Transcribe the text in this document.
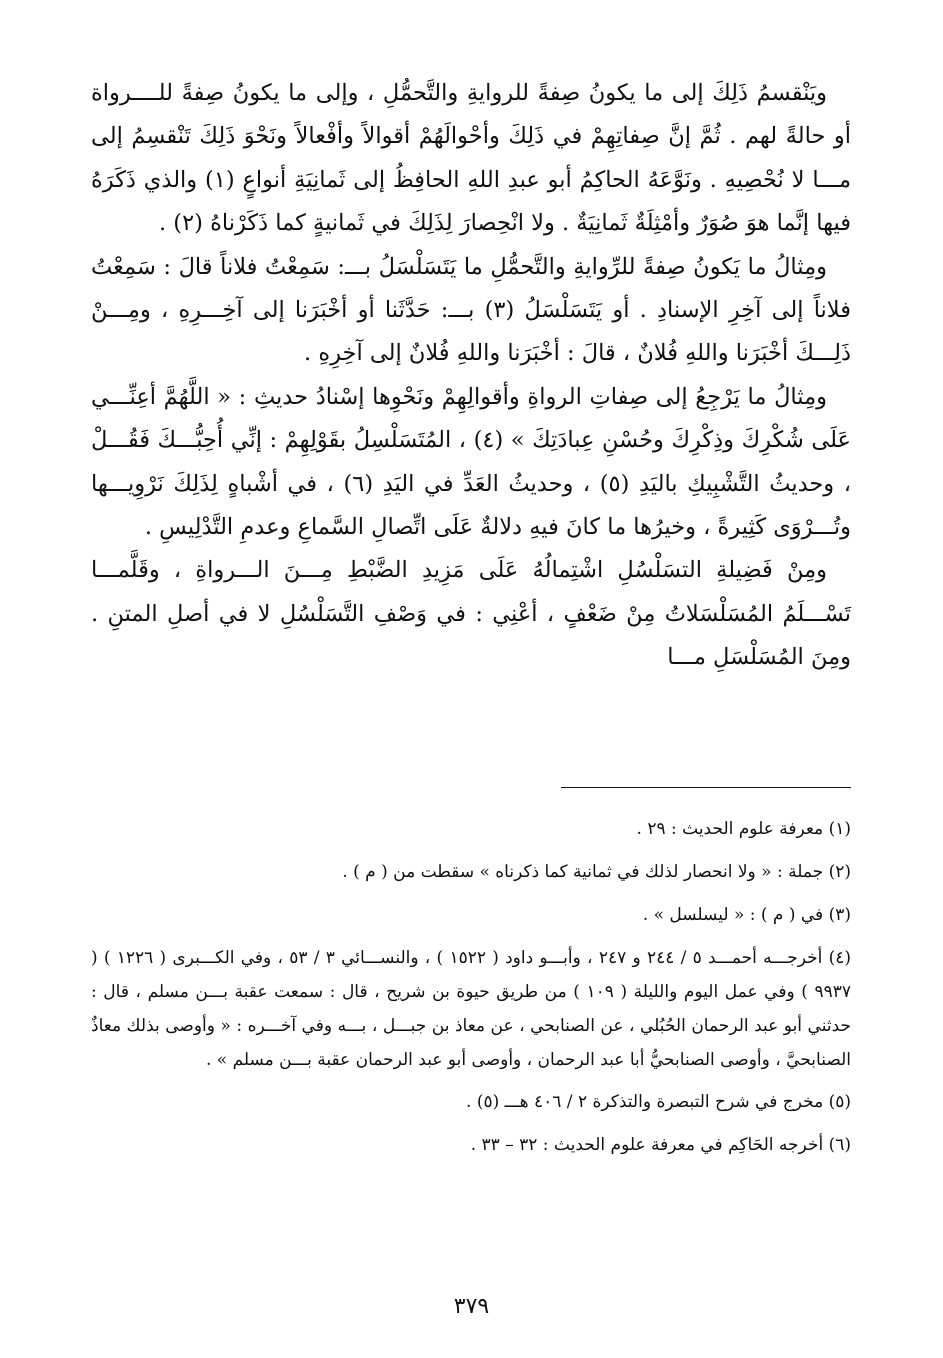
ويَنْقسمُ ذَلِكَ إلى ما يكونُ صِفةً للروايةِ والتَّحمُّلِ ، وإلى ما يكونُ صِفةً للــــرواة أو حالةً لهم . ثُمَّ إنَّ صِفاتِهِمْ في ذَلِكَ وأحْوالَهُمْ أقوالاً وأفْعالاً ونَحْوَ ذَلِكَ تَنْقسِمُ إلى مـــا لا نُحْصِيهِ . ونَوَّعَهُ الحاكِمُ أبو عبدِ اللهِ الحافِظُ إلى ثَمانِيَةِ أنواعٍ (١) والذي ذَكَرَهُ فيها إنَّما هوَ صُوَرٌ وأمْثِلَةٌ ثَمانِيَةٌ . ولا انْحِصارَ لِذَلِكَ في ثَمانيةٍ كما ذَكَرْناهُ (٢) .

ومِثالُ ما يَكونُ صِفةً للرِّوايةِ والتَّحمُّلِ ما يَتَسَلْسَلُ بـــ: سَمِعْتُ فلاناً قالَ : سَمِعْتُ فلاناً إلى آخِرِ الإسنادِ . أو يَتَسَلْسَلُ (٣) بـــ: حَدَّثَنا أو أخْبَرَنا إلى آخِـــرِهِ ، ومِـــنْ ذَلِـــكَ أخْبَرَنا واللهِ فُلانٌ ، قالَ : أخْبَرَنا واللهِ فُلانٌ إلى آخِرِهِ .

ومِثالُ ما يَرْجِعُ إلى صِفاتِ الرواةِ وأقوالِهِمْ ونَحْوِها إسْنادُ حديثِ : « اللَّهُمَّ أعِنِّـــي عَلَى شُكْرِكَ وذِكْرِكَ وحُسْنِ عِبادَتِكَ » (٤) ، المُتَسَلْسِلُ بقَوْلِهِمْ : إنِّي أُحِبُّـــكَ فَقُـــلْ ، وحديثُ التَّشْبِيكِ باليَدِ (٥) ، وحديثُ العَدِّ في اليَدِ (٦) ، في أشْباهٍ لِذَلِكَ نَرْوِيـــها وتُـــرْوَى كَثِيرةً ، وخيرُها ما كانَ فيهِ دلالةٌ عَلَى اتِّصالِ السَّماعِ وعدمِ التَّدْلِيسِ .

ومِنْ فَضِيلةِ التسَلْسُلِ اشْتِمالُهُ عَلَى مَزِيدِ الضَّبْطِ مِـــنَ الـــرواةِ ، وقَلَّمـــا تَسْـــلَمُ المُسَلْسَلاتُ مِنْ ضَعْفٍ ، أعْنِي : في وَصْفِ التَّسَلْسُلِ لا في أصلِ المتنِ . ومِنَ المُسَلْسَلِ مـــا

(١) معرفة علوم الحديث : ٢٩ .

(٢) جملة : « ولا انحصار لذلك في ثمانية كما ذكرناه » سقطت من ( م ) .

(٣) في ( م ) : « ليسلسل » .

(٤) أخرجـــه أحمـــد ٥ / ٢٤٤ و ٢٤٧ ، وأبـــو داود ( ١٥٢٢ ) ، والنســـائي ٣ / ٥٣ ، وفي الكـــبرى ( ١٢٢٦ ) ( ٩٩٣٧ ) وفي عمل اليوم والليلة ( ١٠٩ ) من طريق حيوة بن شريح ، قال : سمعت عقبة بـــن مسلم ، قال : حدثني أبو عبد الرحمان الحُبُلي ، عن الصنابحي ، عن معاذ بن جبـــل ، بـــه وفي آخـــره : « وأوصى بذلك معاذٌ الصنابحيَّ ، وأوصى الصنابحيُّ أبا عبد الرحمان ، وأوصى أبو عبد الرحمان عقبة بـــن مسلم » .

(٥) مخرج في شرح التبصرة والتذكرة ٢ / ٤٠٦ هـــ (٥) .

(٦) أخرجه الحَاكِم في معرفة علوم الحديث : ٣٢ – ٣٣ .

٣٧٩
